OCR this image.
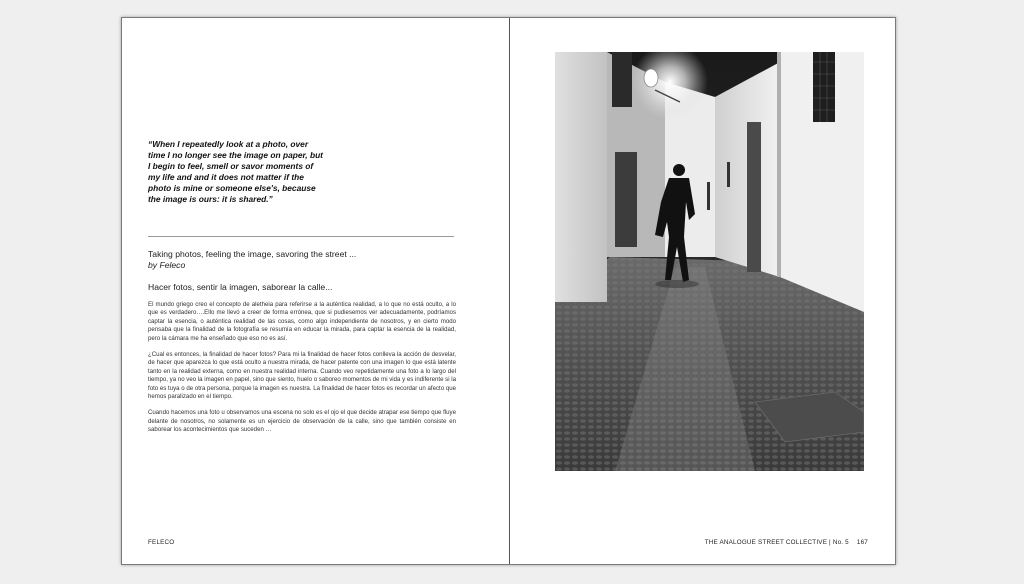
“When I repeatedly look at a photo, over time I no longer see the image on paper, but I begin to feel, smell or savor moments of my life and and it does not matter if the photo is mine or someone else's, because the image is ours: it is shared.”

Taking photos, feeling the image, savoring the street ...

by Feleco

Hacer fotos, sentir la imagen, saborear la calle...

El mundo griego creo el concepto de aletheia para referirse a la auténtica realidad, a lo que no está oculto, a lo que es verdadero….Ello me llevó a creer de forma errónea, que si pudiesemos ver adecuadamente, podríamos captar la esencia, o auténtica realidad de las cosas, como algo independiente de nosotros, y en cierto modo pensaba que la finalidad de la fotografía se resumía en educar la mirada, para captar la esencia de la realidad, pero la cámara me ha enseñado que eso no es así.

¿Cual es entonces, la finalidad de hacer fotos? Para mi la finalidad de hacer fotos conlleva la acción de desvelar, de hacer que aparezca lo que está oculto a nuestra mirada, de hacer patente con una imagen lo que está latente tanto en la realidad externa, como en nuestra realidad interna. Cuando veo repetidamente una foto a lo largo del tiempo, ya no veo la imagen en papel, sino que siento, huelo o saboreo momentos de mi vida y es indiferente si la foto es tuya o de otra persona, porque la imagen es nuestra. La finalidad de hacer fotos es recordar un afecto que hemos paralizado en el tiempo.

Cuando hacemos una foto u observamos una escena no solo es el ojo el que decide atrapar ese tiempo que fluye delante de nosotros, no solamente es un ejercicio de observación de la calle, sino que también consiste en saborear los acontecimientos que suceden …

FELECO	THE ANALOGUE STREET COLLECTIVE | No. 5 167
